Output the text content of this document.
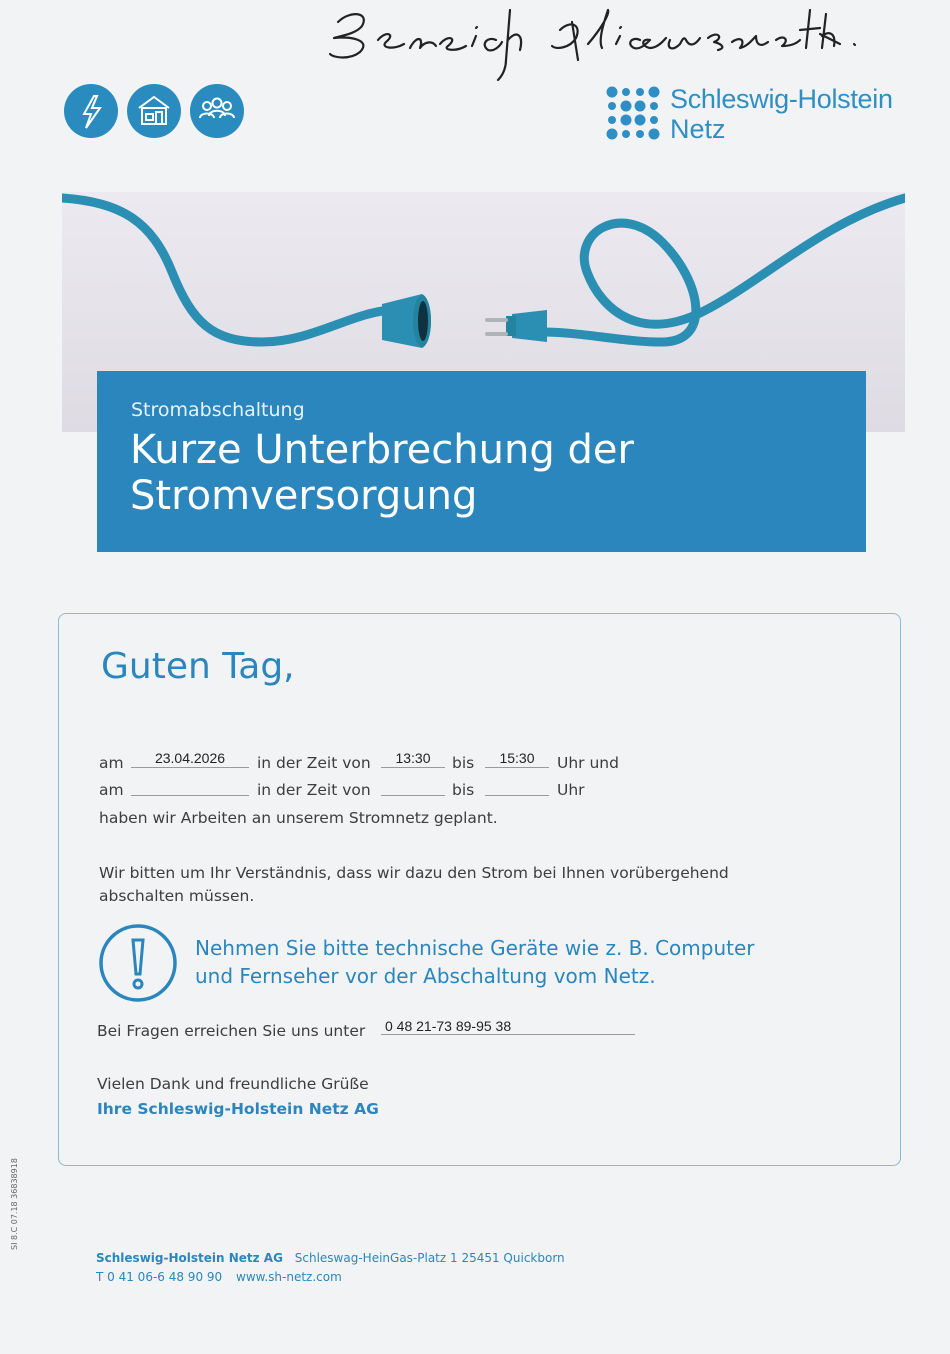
Schleswig-Holstein
Netz
Stromabschaltung
Kurze Unterbrechung der Stromversorgung
Guten Tag,
am	23.04.2026	in der Zeit von	13:30	bis	15:30	Uhr und
am	in der Zeit von	bis	Uhr
haben wir Arbeiten an unserem Stromnetz geplant.
Wir bitten um Ihr Verständnis, dass wir dazu den Strom bei Ihnen vorübergehend abschalten müssen.
Nehmen Sie bitte technische Geräte wie z. B. Computer und Fernseher vor der Abschaltung vom Netz.
Bei Fragen erreichen Sie uns unter 0 48 21-73 89-95 38
Vielen Dank und freundliche Grüße
Ihre Schleswig-Holstein Netz AG
Schleswig-Holstein Netz AG Schleswag-HeinGas-Platz 1 25451 Quickborn
T 0 41 06-6 48 90 90 www.sh-netz.com
SI 8.C 07.18 36838918
